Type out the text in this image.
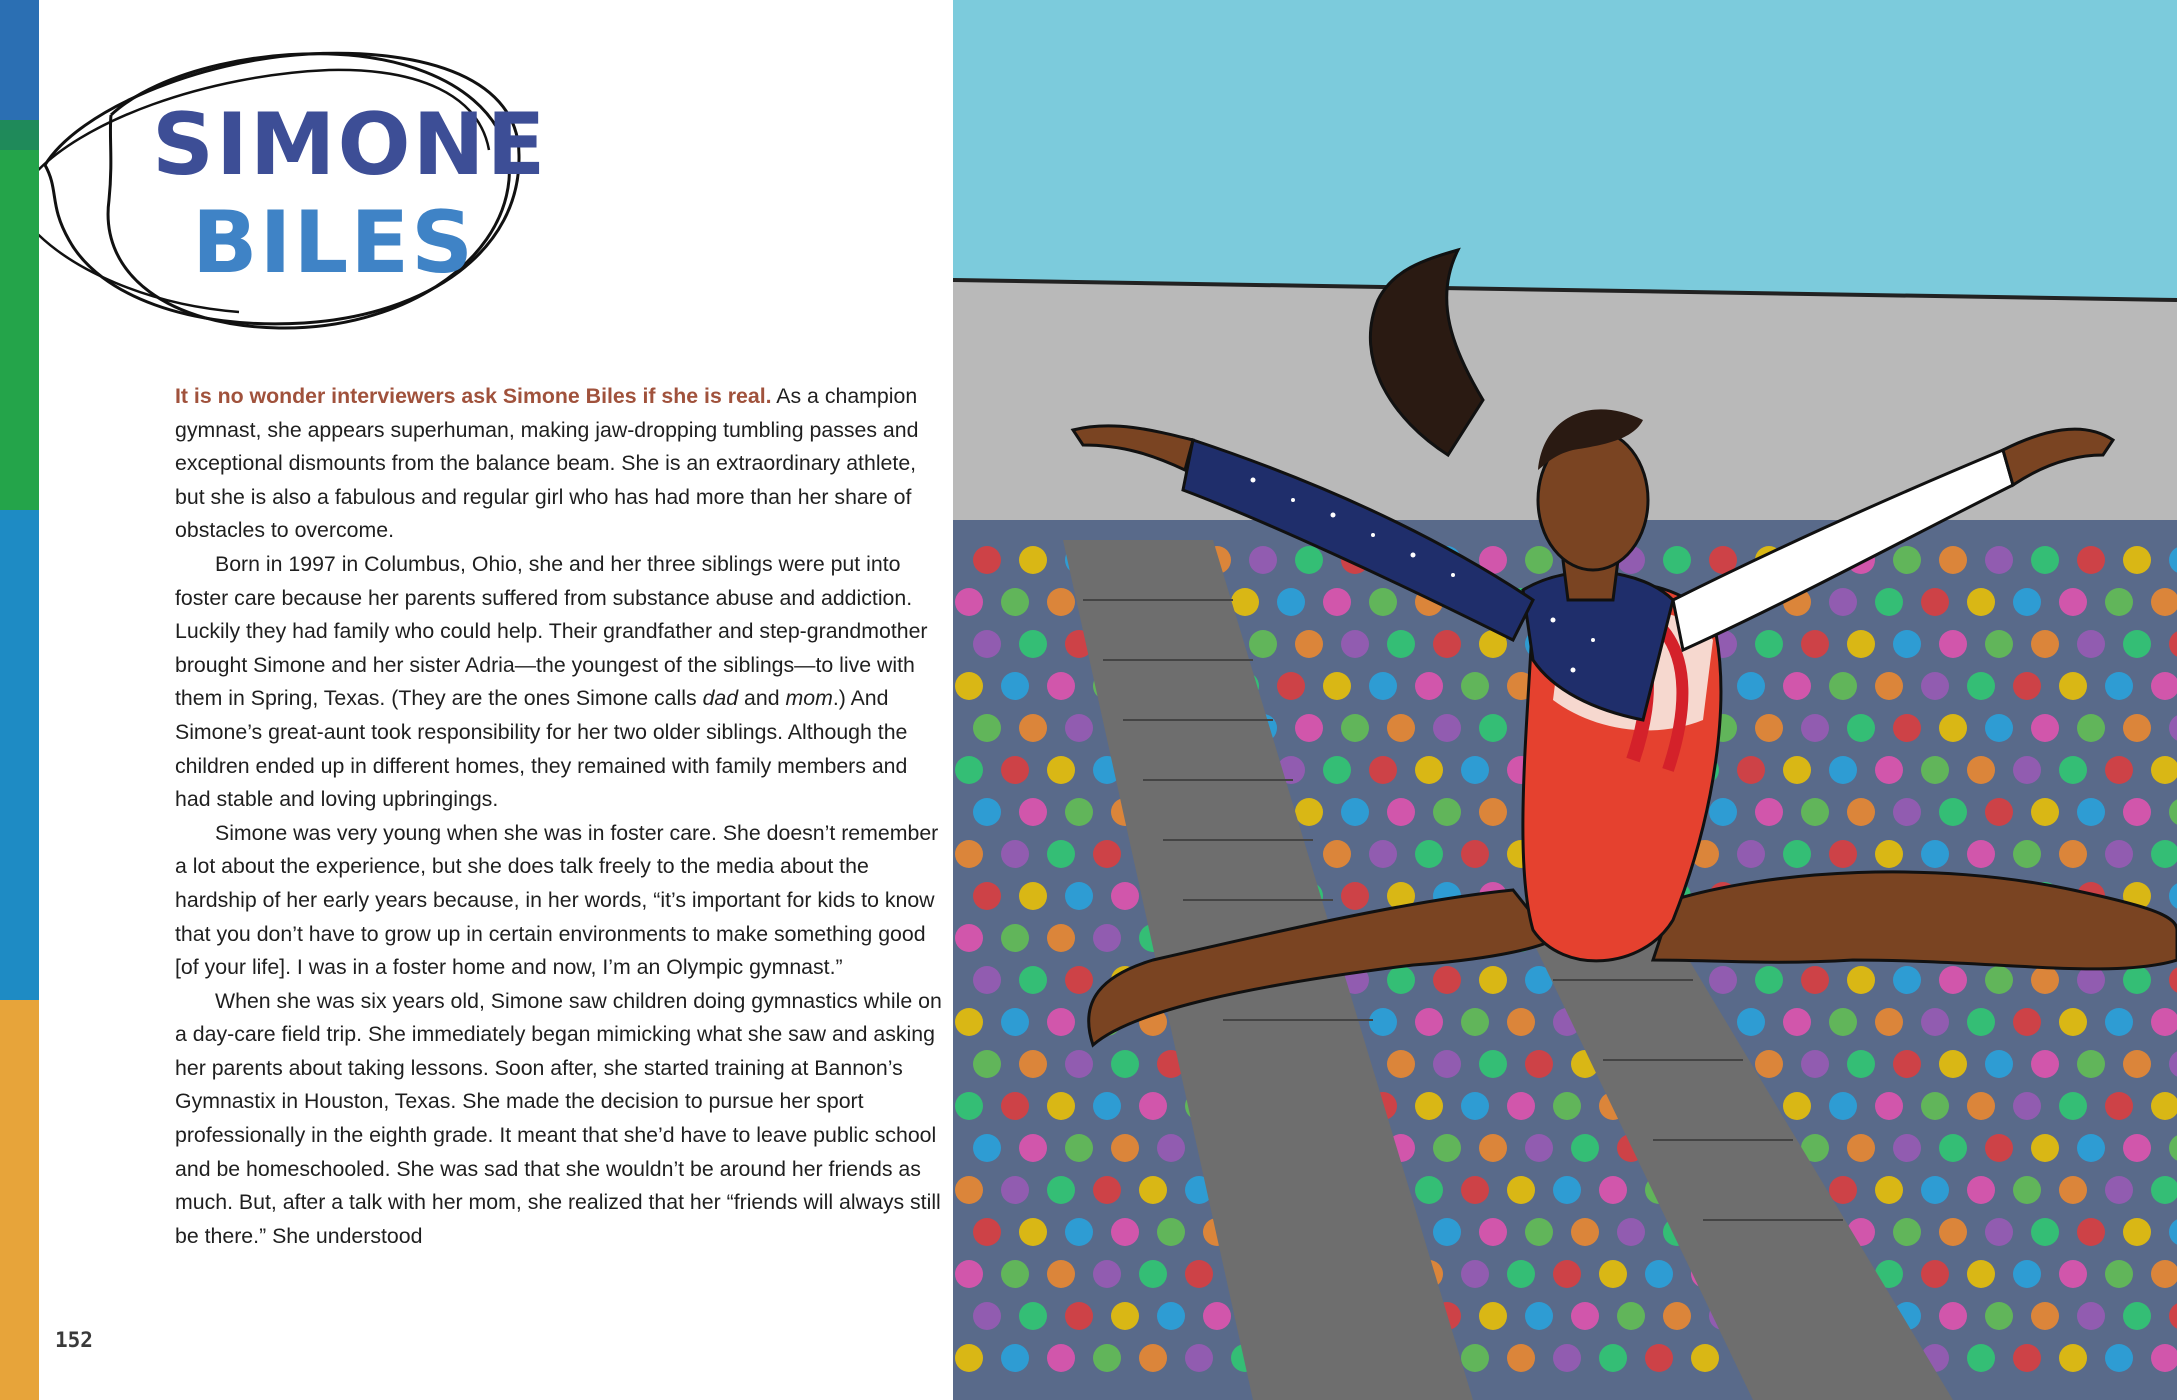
SIMONE
BILES

It is no wonder interviewers ask Simone Biles if she is real. As a champion gymnast, she appears superhuman, making jaw-dropping tumbling passes and exceptional dismounts from the balance beam. She is an extraordinary athlete, but she is also a fabulous and regular girl who has had more than her share of obstacles to overcome.

Born in 1997 in Columbus, Ohio, she and her three siblings were put into foster care because her parents suffered from substance abuse and addiction. Luckily they had family who could help. Their grandfather and step-grandmother brought Simone and her sister Adria—the youngest of the siblings—to live with them in Spring, Texas. (They are the ones Simone calls dad and mom.) And Simone’s great-aunt took responsibility for her two older siblings. Although the children ended up in different homes, they remained with family members and had stable and loving upbringings.

Simone was very young when she was in foster care. She doesn’t remember a lot about the experience, but she does talk freely to the media about the hardship of her early years because, in her words, “it’s important for kids to know that you don’t have to grow up in certain environments to make something good [of your life]. I was in a foster home and now, I’m an Olympic gymnast.”

When she was six years old, Simone saw children doing gymnastics while on a day-care field trip. She immediately began mimicking what she saw and asking her parents about taking lessons. Soon after, she started training at Bannon’s Gymnastix in Houston, Texas. She made the decision to pursue her sport professionally in the eighth grade. It meant that she’d have to leave public school and be homeschooled. She was sad that she wouldn’t be around her friends as much. But, after a talk with her mom, she realized that her “friends will always still be there.” She understood

152
